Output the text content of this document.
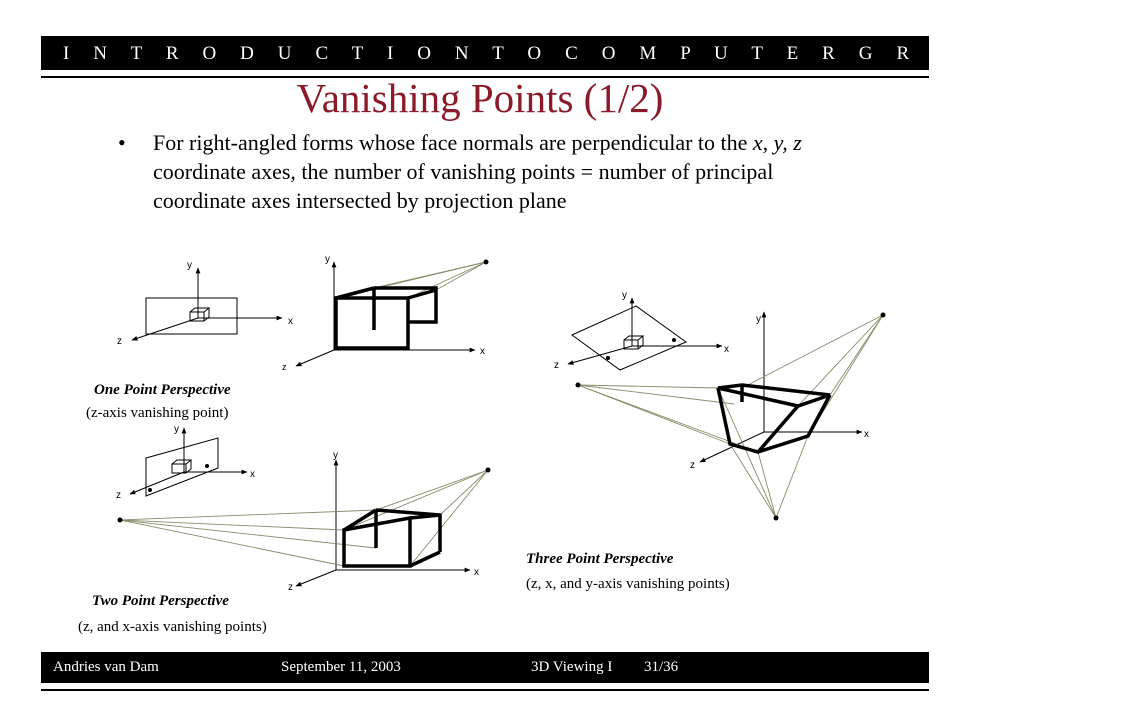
I N T R O D U C T I O N T O C O M P U T E R G R A P H I C S
Vanishing Points (1/2)
• For right-angled forms whose face normals are perpendicular to the x, y, z coordinate axes, the number of vanishing points = number of principal coordinate axes intersected by projection plane
y
x
z
z
y
x
y
x
z
y
x
z
y
x
z
y
x
z
One Point Perspective
(z-axis vanishing point)
Three Point Perspective
(z, x, and y-axis vanishing points)
Two Point Perspective
(z, and x-axis vanishing points)
Andries van Dam	September 11, 2003	3D Viewing I 31/36
